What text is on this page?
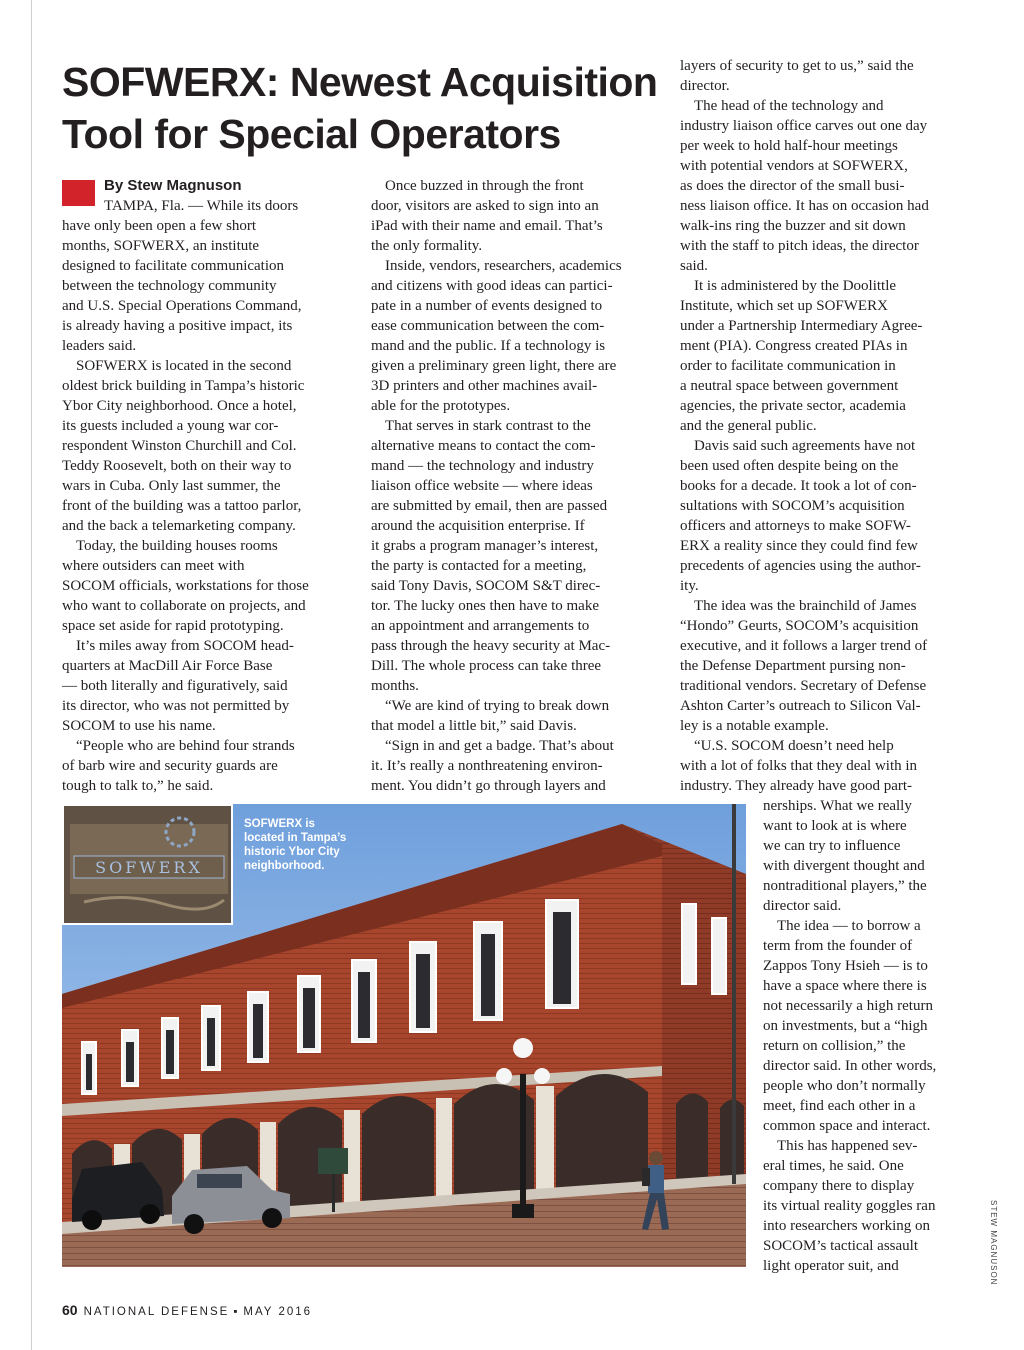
SOFWERX: Newest Acquisition Tool for Special Operators
By Stew Magnuson
TAMPA, Fla. — While its doors
have only been open a few short
months, SOFWERX, an institute
designed to facilitate communication
between the technology community
and U.S. Special Operations Command,
is already having a positive impact, its
leaders said.
SOFWERX is located in the second
oldest brick building in Tampa’s historic
Ybor City neighborhood. Once a hotel,
its guests included a young war cor-
respondent Winston Churchill and Col.
Teddy Roosevelt, both on their way to
wars in Cuba. Only last summer, the
front of the building was a tattoo parlor,
and the back a telemarketing company.
Today, the building houses rooms
where outsiders can meet with
SOCOM officials, workstations for those
who want to collaborate on projects, and
space set aside for rapid prototyping.
It’s miles away from SOCOM head-
quarters at MacDill Air Force Base
— both literally and figuratively, said
its director, who was not permitted by
SOCOM to use his name.
“People who are behind four strands
of barb wire and security guards are
tough to talk to,” he said.
Once buzzed in through the front
door, visitors are asked to sign into an
iPad with their name and email. That’s
the only formality.
Inside, vendors, researchers, academics
and citizens with good ideas can partici-
pate in a number of events designed to
ease communication between the com-
mand and the public. If a technology is
given a preliminary green light, there are
3D printers and other machines avail-
able for the prototypes.
That serves in stark contrast to the
alternative means to contact the com-
mand — the technology and industry
liaison office website — where ideas
are submitted by email, then are passed
around the acquisition enterprise. If
it grabs a program manager’s interest,
the party is contacted for a meeting,
said Tony Davis, SOCOM S&T direc-
tor. The lucky ones then have to make
an appointment and arrangements to
pass through the heavy security at Mac-
Dill. The whole process can take three
months.
“We are kind of trying to break down
that model a little bit,” said Davis.
“Sign in and get a badge. That’s about
it. It’s really a nonthreatening environ-
ment. You didn’t go through layers and
layers of security to get to us,” said the
director.
The head of the technology and
industry liaison office carves out one day
per week to hold half-hour meetings
with potential vendors at SOFWERX,
as does the director of the small busi-
ness liaison office. It has on occasion had
walk-ins ring the buzzer and sit down
with the staff to pitch ideas, the director
said.
It is administered by the Doolittle
Institute, which set up SOFWERX
under a Partnership Intermediary Agree-
ment (PIA). Congress created PIAs in
order to facilitate communication in
a neutral space between government
agencies, the private sector, academia
and the general public.
Davis said such agreements have not
been used often despite being on the
books for a decade. It took a lot of con-
sultations with SOCOM’s acquisition
officers and attorneys to make SOFW-
ERX a reality since they could find few
precedents of agencies using the author-
ity.
The idea was the brainchild of James
“Hondo” Geurts, SOCOM’s acquisition
executive, and it follows a larger trend of
the Defense Department pursing non-
traditional vendors. Secretary of Defense
Ashton Carter’s outreach to Silicon Val-
ley is a notable example.
“U.S. SOCOM doesn’t need help
with a lot of folks that they deal with in
industry. They already have good part-
nerships. What we really
want to look at is where
we can try to influence
with divergent thought and
nontraditional players,” the
director said.
The idea — to borrow a
term from the founder of
Zappos Tony Hsieh — is to
have a space where there is
not necessarily a high return
on investments, but a “high
return on collision,” the
director said. In other words,
people who don’t normally
meet, find each other in a
common space and interact.
This has happened sev-
eral times, he said. One
company there to display
its virtual reality goggles ran
into researchers working on
SOCOM’s tactical assault
light operator suit, and
SOFWERX
SOFWERX is located in Tampa’s historic Ybor City neighborhood.
STEW MAGNUSON
60 NATIONAL DEFENSE ▪ MAY 2016
